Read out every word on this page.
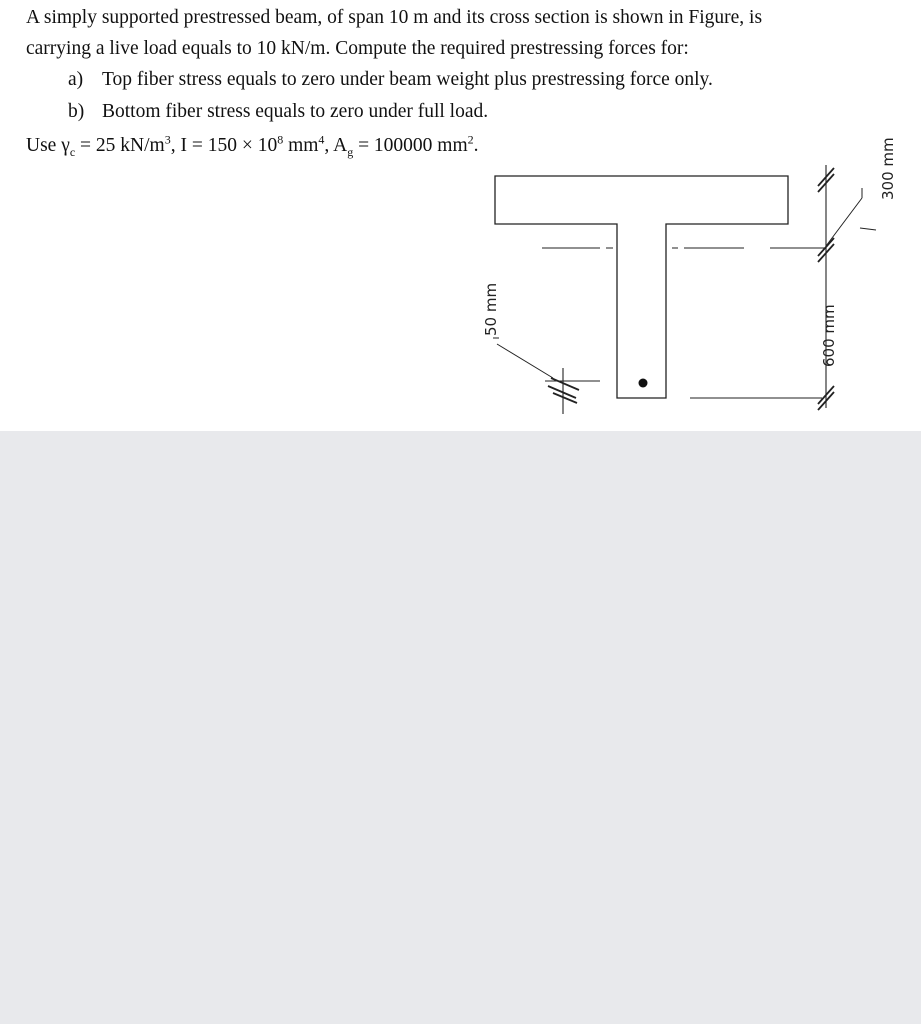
A simply supported prestressed beam, of span 10 m and its cross section is shown in Figure, is
carrying a live load equals to 10 kN/m. Compute the required prestressing forces for:
a) Top fiber stress equals to zero under beam weight plus prestressing force only.
b) Bottom fiber stress equals to zero under full load.
Use $\gamma_c = 25$ $kN/m^3$, $I = 150 \times 10^8$ $mm^4$, $A_g = 100000$ $mm^2$.	300 mm
600 mm
50 mm
